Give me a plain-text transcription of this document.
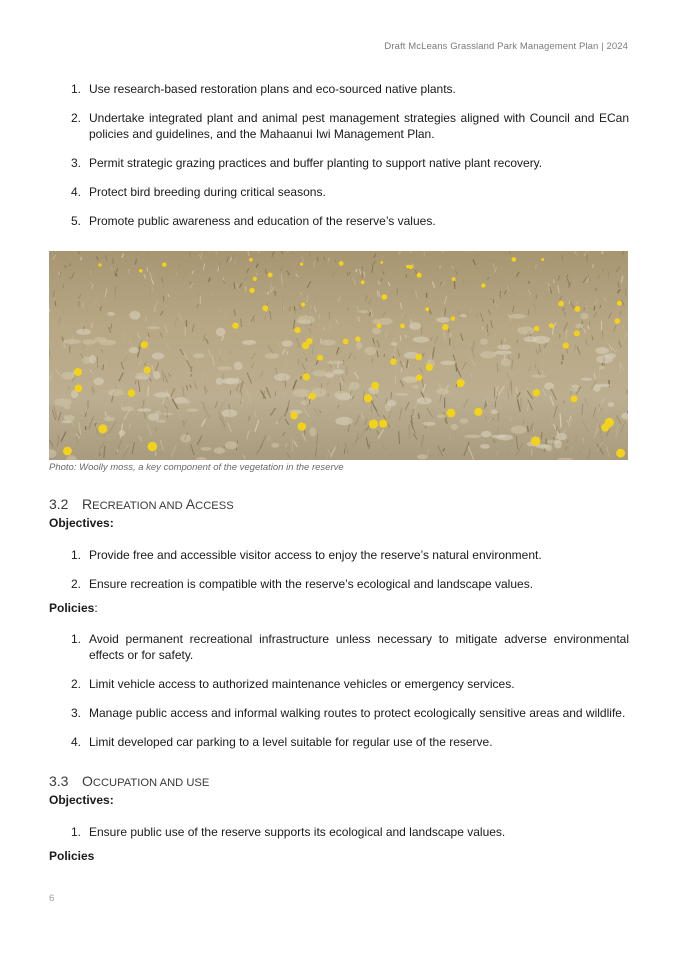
Draft McLeans Grassland Park Management Plan | 2024
1. Use research-based restoration plans and eco-sourced native plants.
2. Undertake integrated plant and animal pest management strategies aligned with Council and ECan policies and guidelines, and the Mahaanui Iwi Management Plan.
3. Permit strategic grazing practices and buffer planting to support native plant recovery.
4. Protect bird breeding during critical seasons.
5. Promote public awareness and education of the reserve’s values.
Photo: Woolly moss, a key component of the vegetation in the reserve
3.2 RECREATION AND ACCESS
Objectives:
1. Provide free and accessible visitor access to enjoy the reserve’s natural environment.
2. Ensure recreation is compatible with the reserve’s ecological and landscape values.
Policies:
1. Avoid permanent recreational infrastructure unless necessary to mitigate adverse environmental effects or for safety.
2. Limit vehicle access to authorized maintenance vehicles or emergency services.
3. Manage public access and informal walking routes to protect ecologically sensitive areas and wildlife.
4. Limit developed car parking to a level suitable for regular use of the reserve.
3.3 OCCUPATION AND USE
Objectives:
1. Ensure public use of the reserve supports its ecological and landscape values.
Policies
6
